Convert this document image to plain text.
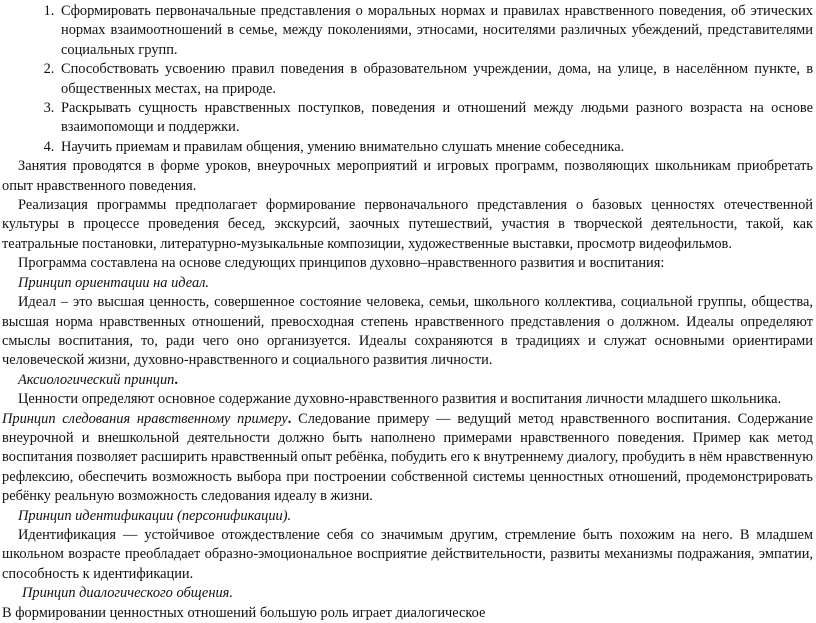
1. Сформировать первоначальные представления о моральных нормах и правилах нравственного поведения, об этических нормах взаимоотношений в семье, между поколениями, этносами, носителями различных убеждений, представителями социальных групп.
2. Способствовать усвоению правил поведения в образовательном учреждении, дома, на улице, в населённом пункте, в общественных местах, на природе.
3. Раскрывать сущность нравственных поступков, поведения и отношений между людьми разного возраста на основе взаимопомощи и поддержки.
4. Научить приемам и правилам общения, умению внимательно слушать мнение собеседника.

Занятия проводятся в форме уроков, внеурочных мероприятий и игровых программ, позволяющих школьникам приобретать опыт нравственного поведения.

Реализация программы предполагает формирование первоначального представления о базовых ценностях отечественной культуры в процессе проведения бесед, экскурсий, заочных путешествий, участия в творческой деятельности, такой, как театральные постановки, литературно-музыкальные композиции, художественные выставки, просмотр видеофильмов.

Программа составлена на основе следующих принципов духовно–нравственного развития и воспитания:

Принцип ориентации на идеал.

Идеал – это высшая ценность, совершенное состояние человека, семьи, школьного коллектива, социальной группы, общества, высшая норма нравственных отношений, превосходная степень нравственного представления о должном. Идеалы определяют смыслы воспитания, то, ради чего оно организуется. Идеалы сохраняются в традициях и служат основными ориентирами человеческой жизни, духовно-нравственного и социального развития личности.

Аксиологический принцип.

Ценности определяют основное содержание духовно-нравственного развития и воспитания личности младшего школьника.

Принцип следования нравственному примеру. Следование примеру — ведущий метод нравственного воспитания. Содержание внеурочной и внешкольной деятельности должно быть наполнено примерами нравственного поведения. Пример как метод воспитания позволяет расширить нравственный опыт ребёнка, побудить его к внутреннему диалогу, пробудить в нём нравственную рефлексию, обеспечить возможность выбора при построении собственной системы ценностных отношений, продемонстрировать ребёнку реальную возможность следования идеалу в жизни.

Принцип идентификации (персонификации).

Идентификация — устойчивое отождествление себя со значимым другим, стремление быть похожим на него. В младшем школьном возрасте преобладает образно-эмоциональное восприятие действительности, развиты механизмы подражания, эмпатии, способность к идентификации.

Принцип диалогического общения.

В формировании ценностных отношений большую роль играет диалогическое
